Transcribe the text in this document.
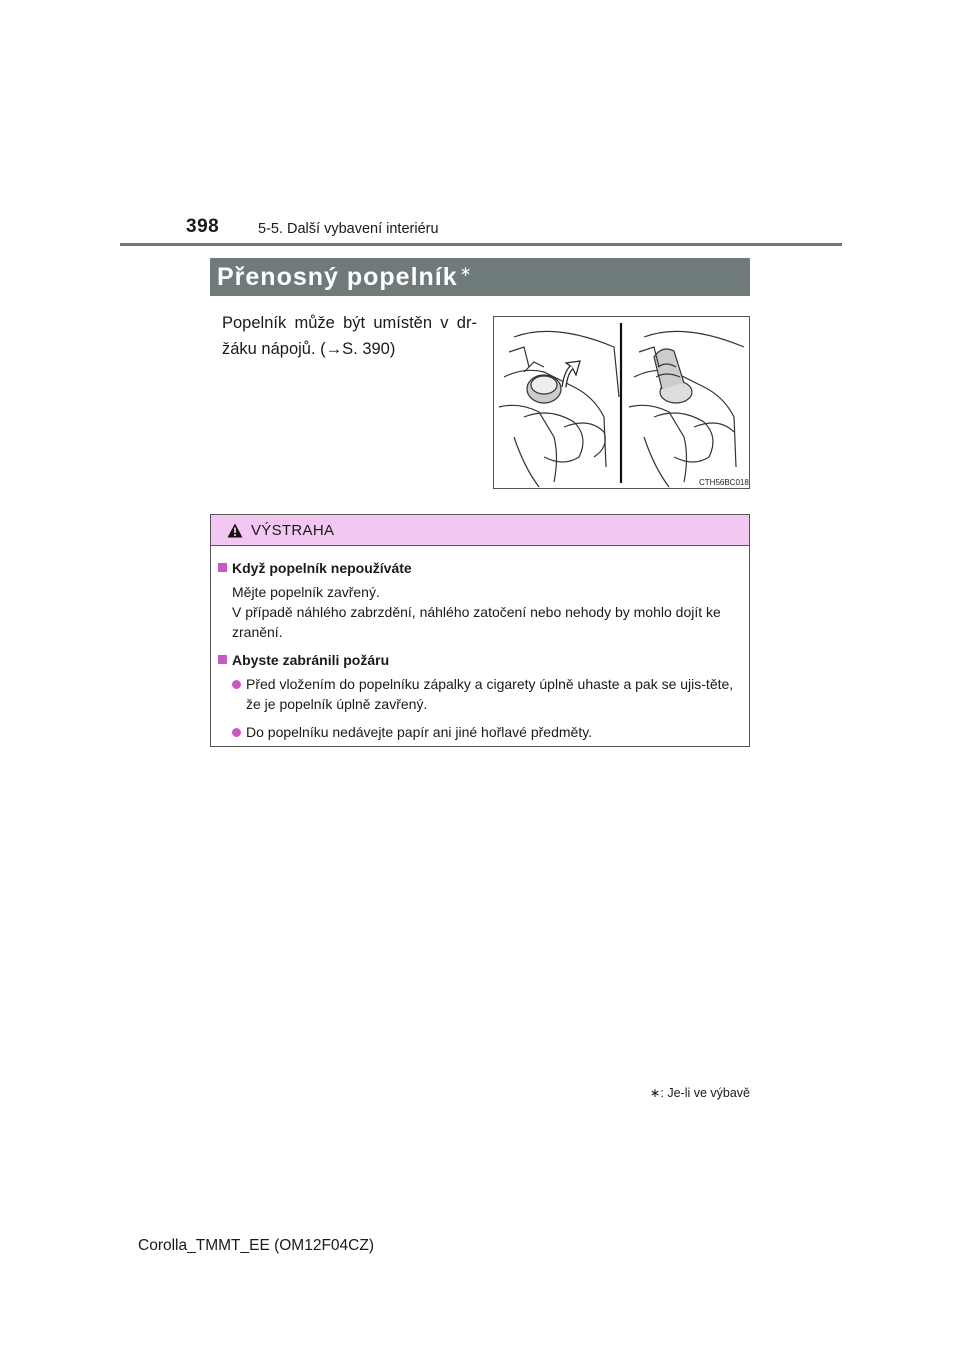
398	5-5. Další vybavení interiéru
Přenosný popelník ∗
Popelník může být umístěn v dr-
žáku nápojů. (→S. 390)
CTH56BC018
VÝSTRAHA
Když popelník nepoužíváte
Mějte popelník zavřený.
V případě náhlého zabrzdění, náhlého zatočení nebo nehody by mohlo dojít ke zranění.
Abyste zabránili požáru
Před vložením do popelníku zápalky a cigarety úplně uhaste a pak se ujis-těte, že je popelník úplně zavřený.
Do popelníku nedávejte papír ani jiné hořlavé předměty.
∗: Je-li ve výbavě
Corolla_TMMT_EE (OM12F04CZ)
